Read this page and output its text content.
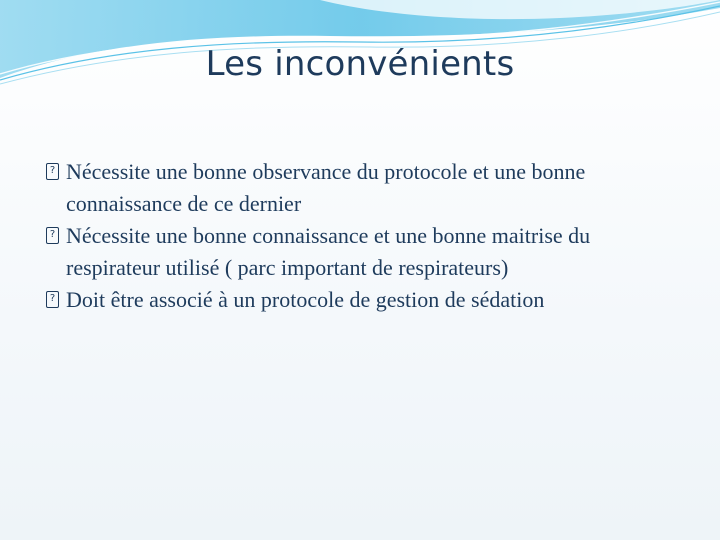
Les inconvénients
? Nécessite une bonne observance du protocole et une bonne connaissance de ce dernier
? Nécessite une bonne connaissance et une bonne maitrise du respirateur utilisé ( parc important de respirateurs)
? Doit être associé à un protocole de gestion de sédation
